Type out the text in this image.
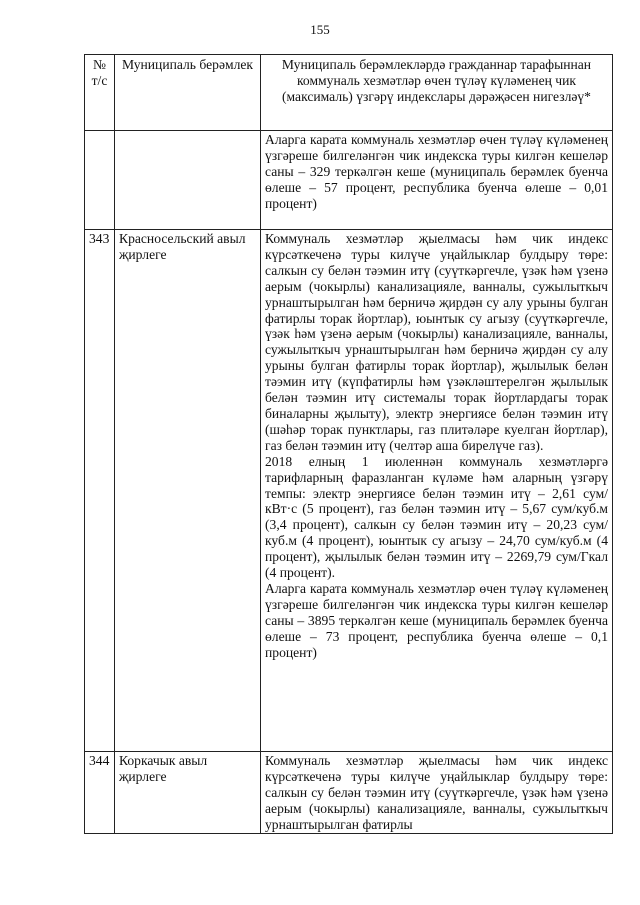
155
№ т/с	Муниципаль берәмлек	Муниципаль берәмлекләрдә гражданнар тарафыннан коммуналь хезмәтләр өчен түләү күләменең чик (максималь) үзгәрү индекслары дәрәҗәсен нигезләү*

		Аларга карата коммуналь хезмәтләр өчен түләү күләменең үзгәреше билгеләнгән чик индекска туры килгән кешеләр саны – 329 теркәлгән кеше (муниципаль берәмлек буенча өлеше – 57 процент, республика буенча өлеше – 0,01 процент)

343	Красносельский авыл җирлеге	Коммуналь хезмәтләр җыелмасы һәм чик индекс күрсәткеченә туры килүче уңайлыклар булдыру төре: салкын су белән тәэмин итү (суүткәргечле, үзәк һәм үзенә аерым (чокырлы) канализацияле, ванналы, сужылыткыч урнаштырылган һәм берничә җирдән су алу урыны булган фатирлы торак йортлар), юынтык су агызу (суүткәргечле, үзәк һәм үзенә аерым (чокырлы) канализацияле, ванналы, сужылыткыч урнаштырылган һәм берничә җирдән су алу урыны булган фатирлы торак йортлар), җылылык белән тәэмин итү (күпфатирлы һәм үзәкләштерелгән җылылык белән тәэмин итү системалы торак йортлардагы торак биналарны җылыту), электр энергиясе белән тәэмин итү (шәһәр торак пунктлары, газ плитәләре куелган йортлар), газ белән тәэмин итү (челтәр аша бирелүче газ).

2018 елның 1 июленнән коммуналь хезмәтләргә тарифларның фаразланган күләме һәм аларның үзгәрү темпы: электр энергиясе белән тәэмин итү – 2,61 сум/кВт·с (5 процент), газ белән тәэмин итү – 5,67 сум/куб.м (3,4 процент), салкын су белән тәэмин итү – 20,23 сум/куб.м (4 процент), юынтык су агызу – 24,70 сум/куб.м (4 процент), җылылык белән тәэмин итү – 2269,79 сум/Гкал (4 процент).

Аларга карата коммуналь хезмәтләр өчен түләү күләменең үзгәреше билгеләнгән чик индекска туры килгән кешеләр саны – 3895 теркәлгән кеше (муниципаль берәмлек буенча өлеше – 73 процент, республика буенча өлеше – 0,1 процент)

344	Коркачык авыл җирлеге	Коммуналь хезмәтләр җыелмасы һәм чик индекс күрсәткеченә туры килүче уңайлыклар булдыру төре: салкын су белән тәэмин итү (суүткәргечле, үзәк һәм үзенә аерым (чокырлы) канализацияле, ванналы, сужылыткыч урнаштырылган фатирлы
